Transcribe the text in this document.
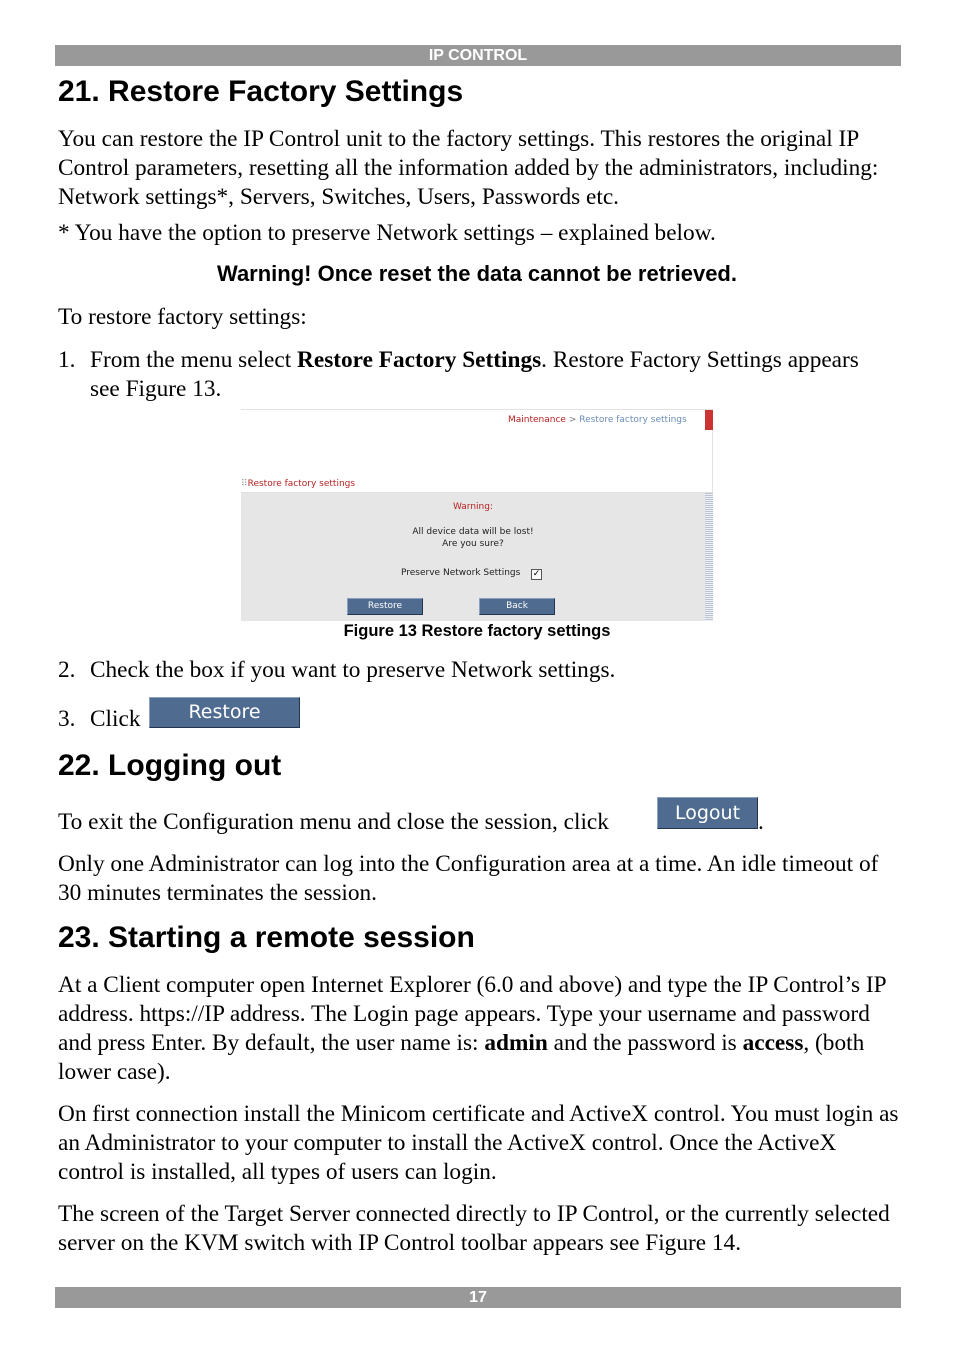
IP CONTROL
21. Restore Factory Settings

You can restore the IP Control unit to the factory settings. This restores the original IP Control parameters, resetting all the information added by the administrators, including: Network settings*, Servers, Switches, Users, Passwords etc.

* You have the option to preserve Network settings – explained below.

Warning! Once reset the data cannot be retrieved.

To restore factory settings:

1. From the menu select Restore Factory Settings. Restore Factory Settings appears see Figure 13.
Maintenance > Restore factory settings
⠿Restore factory settings
Warning:
All device data will be lost!
Are you sure?
Preserve Network Settings ✓
Restore	Back
Figure 13 Restore factory settings
2. Check the box if you want to preserve Network settings.
3. Click	Restore
22. Logging out

To exit the Configuration menu and close the session, click	Logout .

Only one Administrator can log into the Configuration area at a time. An idle timeout of 30 minutes terminates the session.

23. Starting a remote session

At a Client computer open Internet Explorer (6.0 and above) and type the IP Control’s IP address. https://IP address. The Login page appears. Type your username and password and press Enter. By default, the user name is: admin and the password is access, (both lower case).

On first connection install the Minicom certificate and ActiveX control. You must login as an Administrator to your computer to install the ActiveX control. Once the ActiveX control is installed, all types of users can login.

The screen of the Target Server connected directly to IP Control, or the currently selected server on the KVM switch with IP Control toolbar appears see Figure 14.

17
